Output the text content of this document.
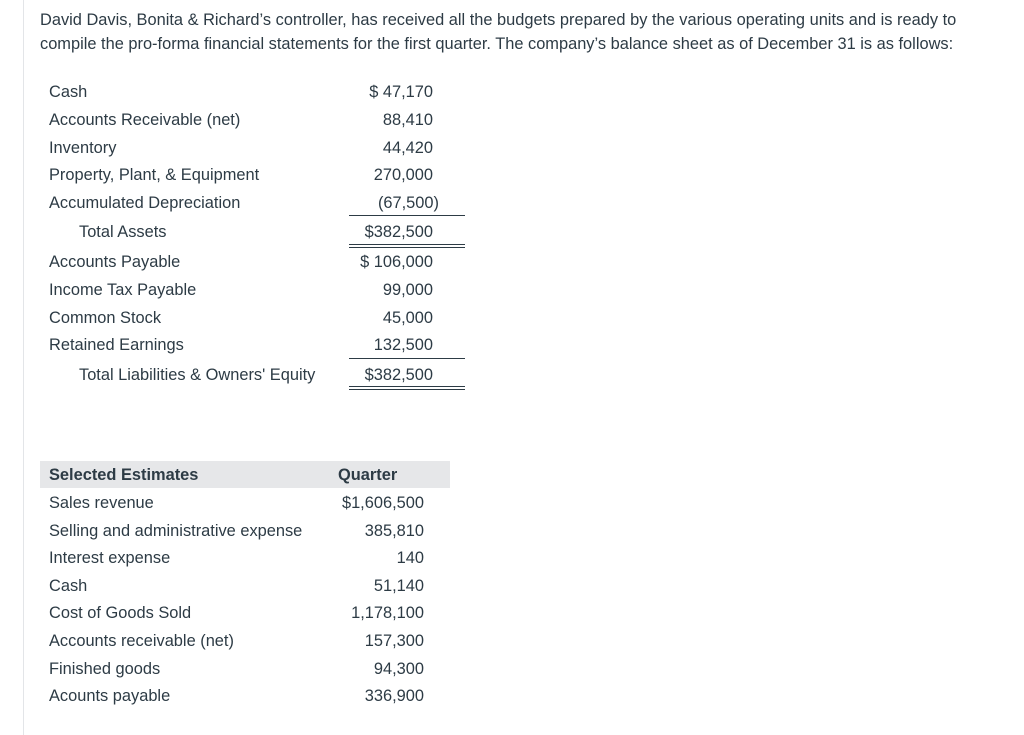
David Davis, Bonita & Richard’s controller, has received all the budgets prepared by the various operating units and is ready to compile the pro-forma financial statements for the first quarter. The company’s balance sheet as of December 31 is as follows:

Cash	$ 47,170
Accounts Receivable (net)	88,410
Inventory	44,420
Property, Plant, & Equipment	270,000
Accumulated Depreciation	(67,500)
Total Assets	$382,500
Accounts Payable	$ 106,000
Income Tax Payable	99,000
Common Stock	45,000
Retained Earnings	132,500
Total Liabilities & Owners' Equity	$382,500
Selected Estimates	Quarter
Sales revenue	$1,606,500
Selling and administrative expense	385,810
Interest expense	140
Cash	51,140
Cost of Goods Sold	1,178,100
Accounts receivable (net)	157,300
Finished goods	94,300
Acounts payable	336,900
